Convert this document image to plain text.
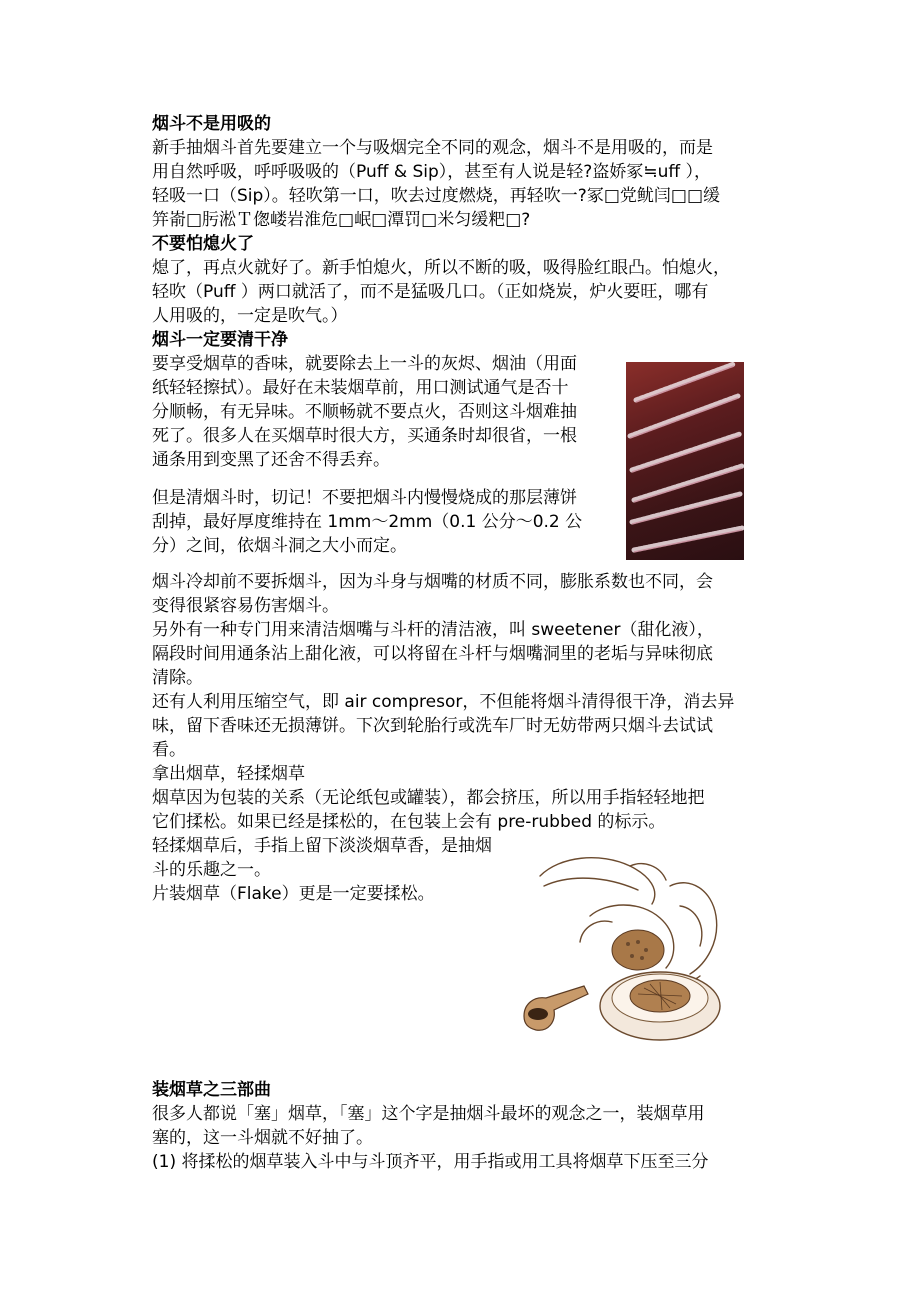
烟斗不是用吸的

新手抽烟斗首先要建立一个与吸烟完全不同的观念，烟斗不是用吸的，而是

用自然呼吸，呼呼吸吸的（Puff & Sip），甚至有人说是轻?盗娇冢≒uff ），

轻吸一口（Sip）。轻吹第一口，吹去过度燃烧，再轻吹一?冢□党鱿闫□□缓

笄嵛□肟淞Ｔ偬嵝岩淮危□岷□潭罚□米匀缓粑□?

不要怕熄火了

熄了，再点火就好了。新手怕熄火，所以不断的吸，吸得脸红眼凸。怕熄火，

轻吹（Puff ）两口就活了，而不是猛吸几口。（正如烧炭，炉火要旺，哪有

人用吸的，一定是吹气。）

烟斗一定要清干净

要享受烟草的香味，就要除去上一斗的灰烬、烟油（用面

纸轻轻擦拭）。最好在未装烟草前，用口测试通气是否十

分顺畅，有无异味。不顺畅就不要点火，否则这斗烟难抽

死了。很多人在买烟草时很大方，买通条时却很省，一根

通条用到变黑了还舍不得丢弃。

但是清烟斗时，切记！不要把烟斗内慢慢烧成的那层薄饼

刮掉，最好厚度维持在 1mm～2mm（0.1 公分～0.2 公

分）之间，依烟斗洞之大小而定。

烟斗冷却前不要拆烟斗，因为斗身与烟嘴的材质不同，膨胀系数也不同，会

变得很紧容易伤害烟斗。

另外有一种专门用来清洁烟嘴与斗杆的清洁液，叫 sweetener（甜化液），

隔段时间用通条沾上甜化液，可以将留在斗杆与烟嘴洞里的老垢与异味彻底

清除。

还有人利用压缩空气，即 air compresor，不但能将烟斗清得很干净，消去异

味，留下香味还无损薄饼。下次到轮胎行或洗车厂时无妨带两只烟斗去试试

看。

拿出烟草，轻揉烟草

烟草因为包装的关系（无论纸包或罐装），都会挤压，所以用手指轻轻地把

它们揉松。如果已经是揉松的，在包装上会有 pre-rubbed 的标示。

轻揉烟草后，手指上留下淡淡烟草香，是抽烟

斗的乐趣之一。

片装烟草（Flake）更是一定要揉松。

装烟草之三部曲

很多人都说「塞」烟草，「塞」这个字是抽烟斗最坏的观念之一，装烟草用

塞的，这一斗烟就不好抽了。

(1) 将揉松的烟草装入斗中与斗顶齐平，用手指或用工具将烟草下压至三分
